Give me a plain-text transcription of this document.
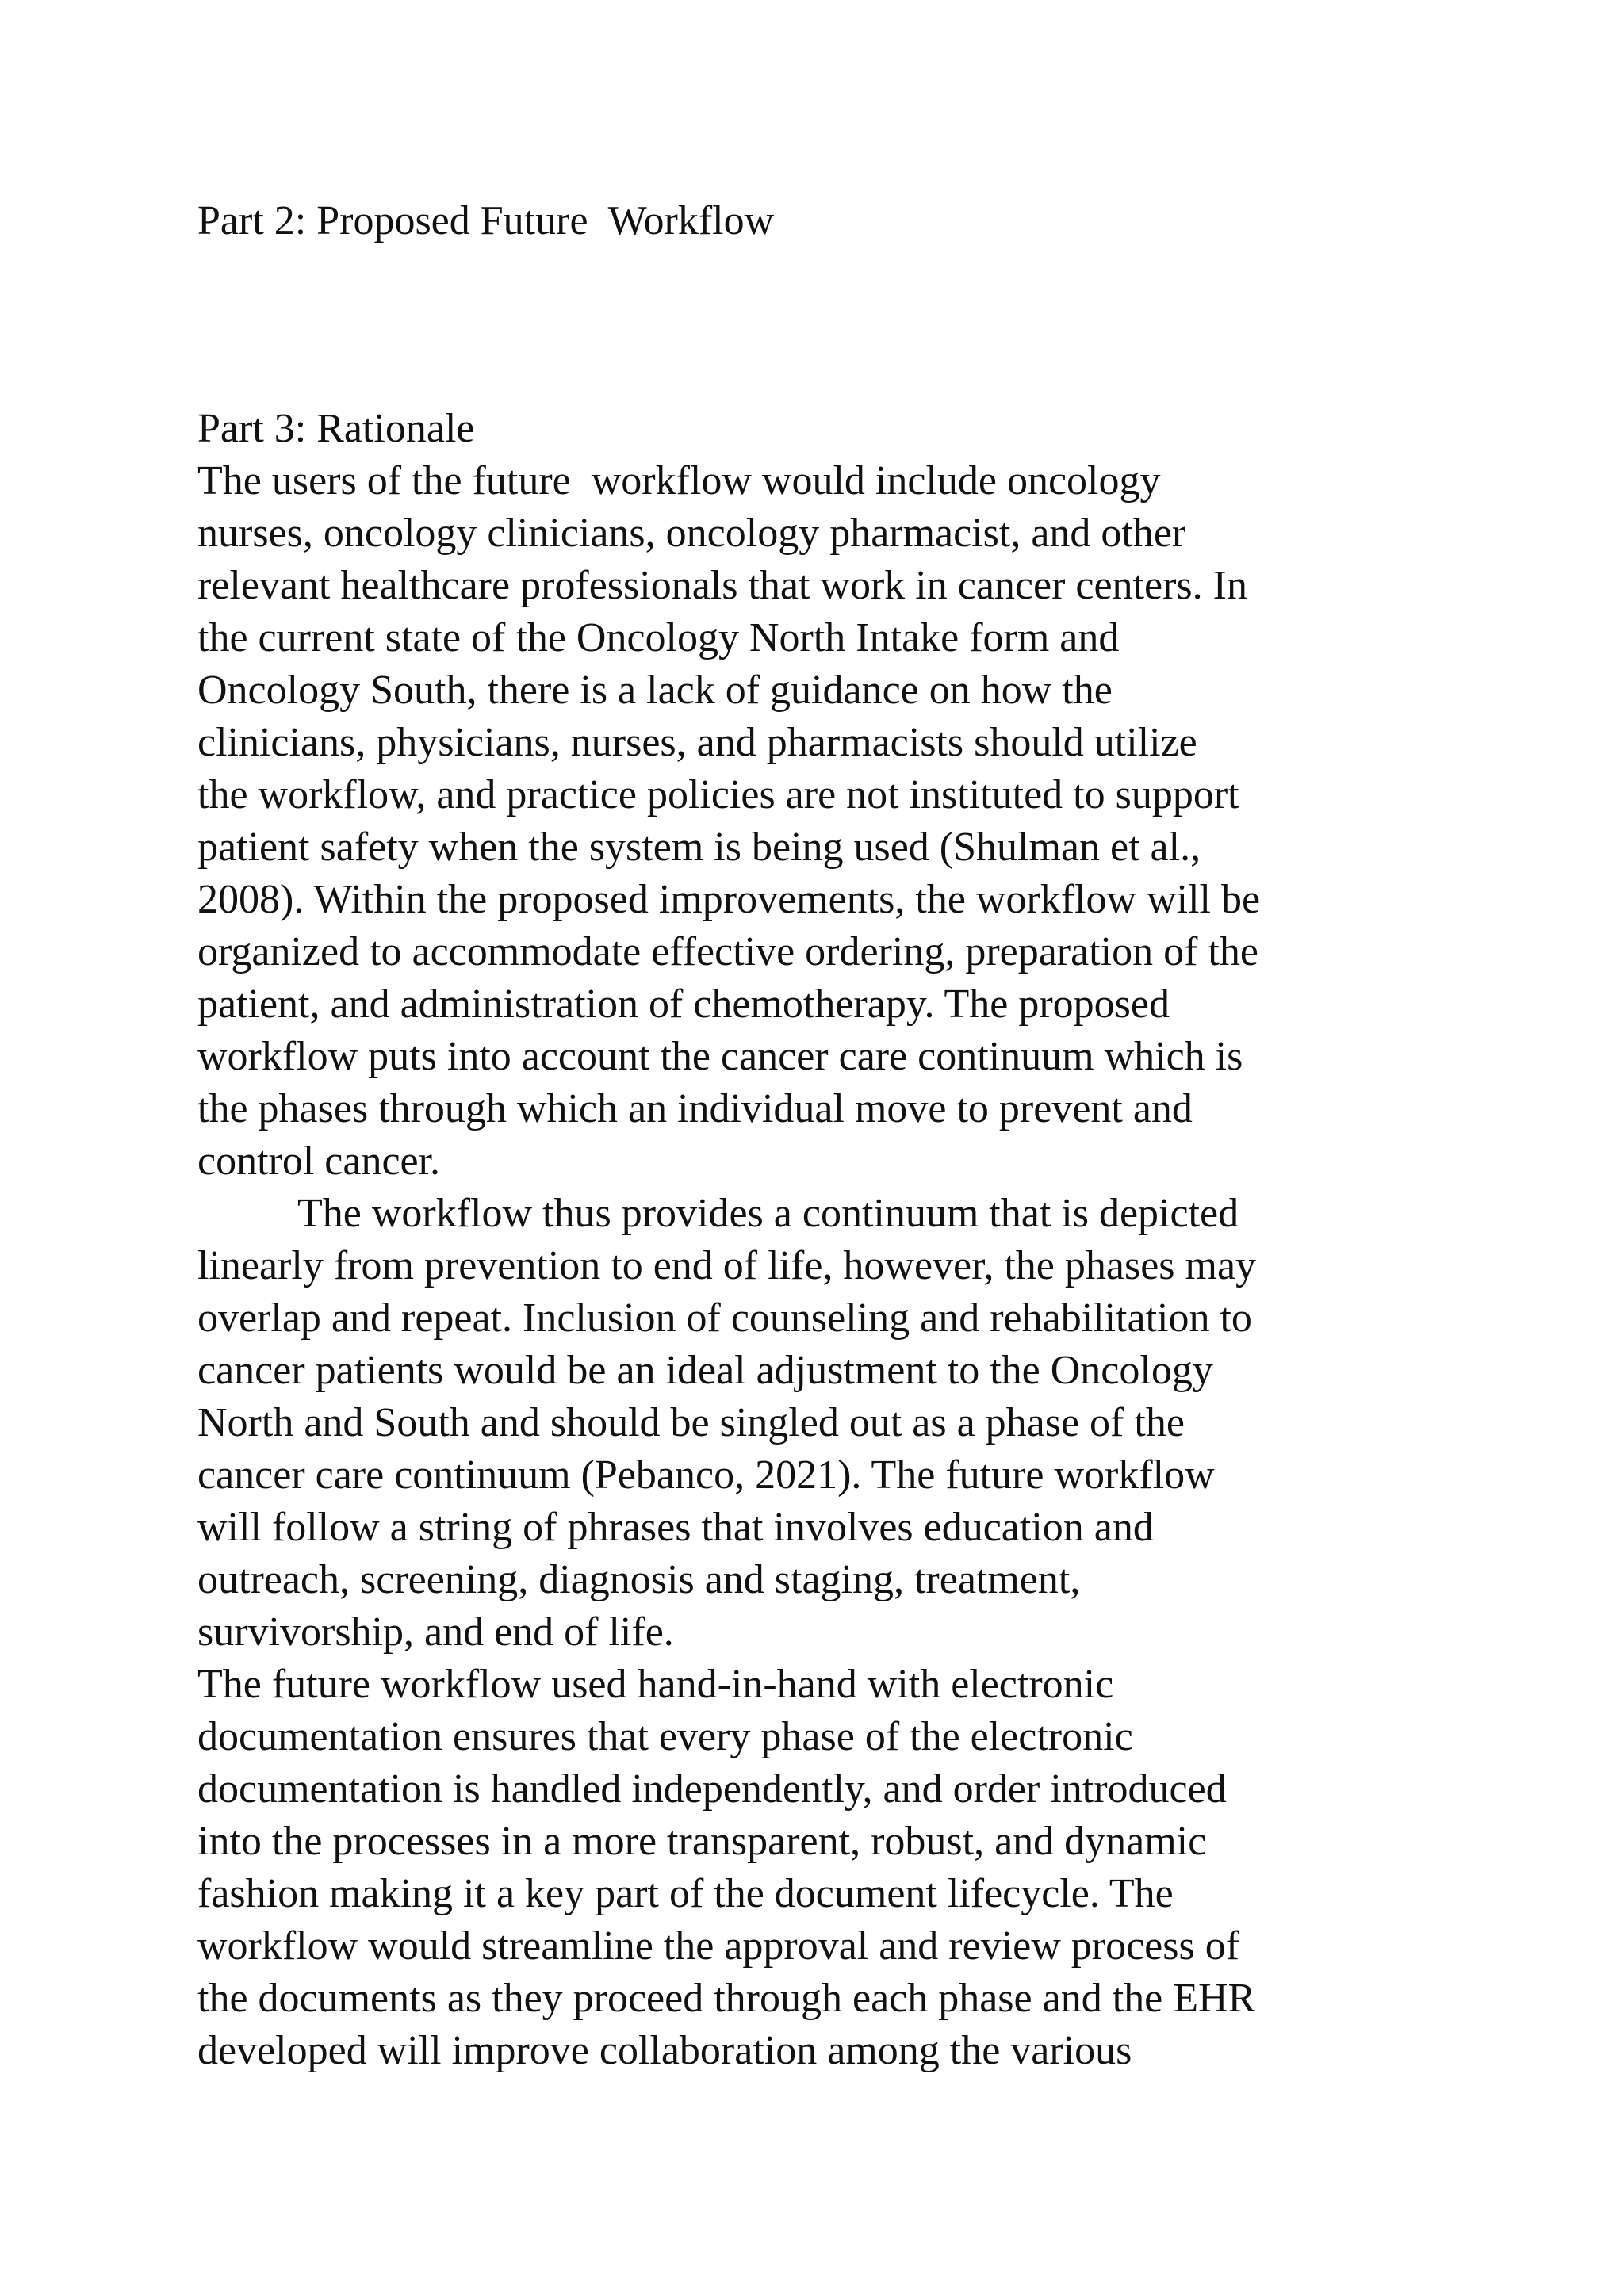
Part 2: Proposed Future  Workflow
Part 3: Rationale
The users of the future  workflow would include oncology
nurses, oncology clinicians, oncology pharmacist, and other
relevant healthcare professionals that work in cancer centers. In
the current state of the Oncology North Intake form and
Oncology South, there is a lack of guidance on how the
clinicians, physicians, nurses, and pharmacists should utilize
the workflow, and practice policies are not instituted to support
patient safety when the system is being used (Shulman et al.,
2008). Within the proposed improvements, the workflow will be
organized to accommodate effective ordering, preparation of the
patient, and administration of chemotherapy. The proposed
workflow puts into account the cancer care continuum which is
the phases through which an individual move to prevent and
control cancer.
The workflow thus provides a continuum that is depicted
linearly from prevention to end of life, however, the phases may
overlap and repeat. Inclusion of counseling and rehabilitation to
cancer patients would be an ideal adjustment to the Oncology
North and South and should be singled out as a phase of the
cancer care continuum (Pebanco, 2021). The future workflow
will follow a string of phrases that involves education and
outreach, screening, diagnosis and staging, treatment,
survivorship, and end of life.
The future workflow used hand-in-hand with electronic
documentation ensures that every phase of the electronic
documentation is handled independently, and order introduced
into the processes in a more transparent, robust, and dynamic
fashion making it a key part of the document lifecycle. The
workflow would streamline the approval and review process of
the documents as they proceed through each phase and the EHR
developed will improve collaboration among the various
